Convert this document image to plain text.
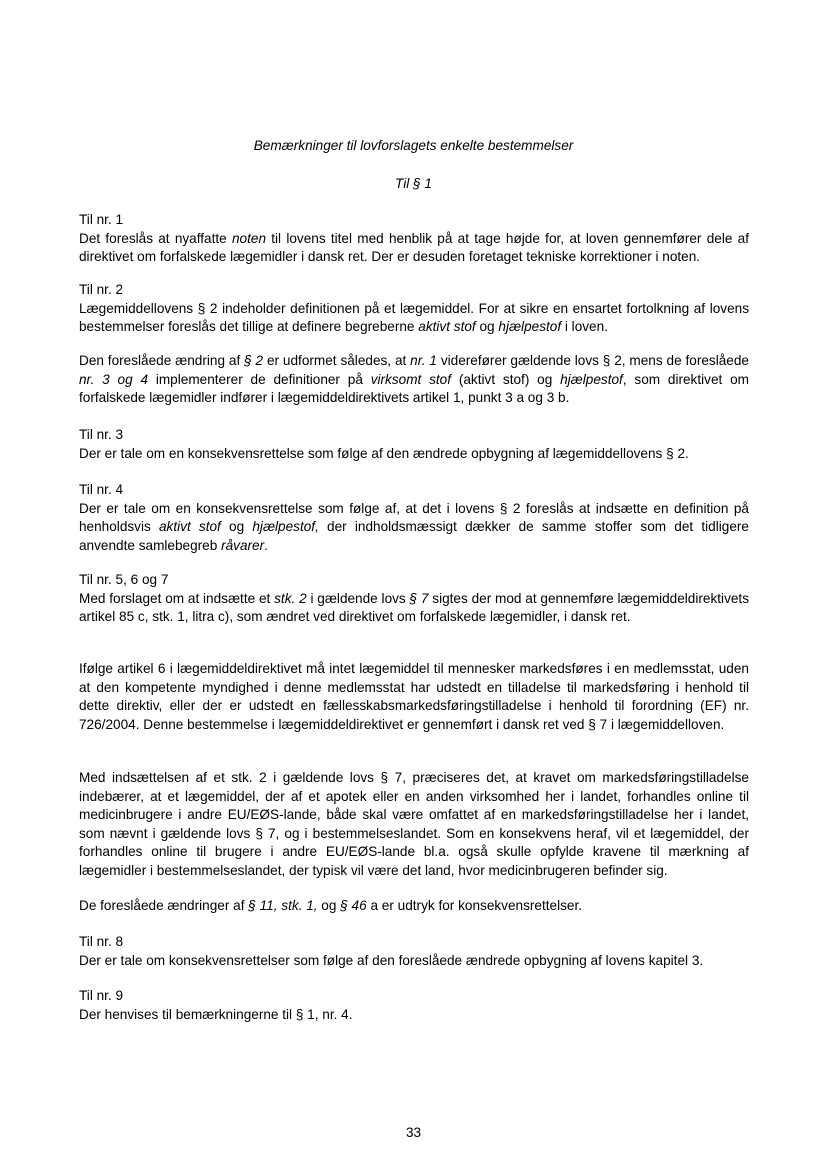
Bemærkninger til lovforslagets enkelte bestemmelser
Til § 1

Til nr. 1
Det foreslås at nyaffatte noten til lovens titel med henblik på at tage højde for, at loven gennemfører dele af direktivet om forfalskede lægemidler i dansk ret. Der er desuden foretaget tekniske korrektioner i noten.

Til nr. 2
Lægemiddellovens § 2 indeholder definitionen på et lægemiddel. For at sikre en ensartet fortolkning af lovens bestemmelser foreslås det tillige at definere begreberne aktivt stof og hjælpestof i loven.

Den foreslåede ændring af § 2 er udformet således, at nr. 1 viderefører gældende lovs § 2, mens de foreslåede nr. 3 og 4 implementerer de definitioner på virksomt stof (aktivt stof) og hjælpestof, som direktivet om forfalskede lægemidler indfører i lægemiddeldirektivets artikel 1, punkt 3 a og 3 b.

Til nr. 3
Der er tale om en konsekvensrettelse som følge af den ændrede opbygning af lægemiddellovens § 2.

Til nr. 4
Der er tale om en konsekvensrettelse som følge af, at det i lovens § 2 foreslås at indsætte en definition på henholdsvis aktivt stof og hjælpestof, der indholdsmæssigt dækker de samme stoffer som det tidligere anvendte samlebegreb råvarer.

Til nr. 5, 6 og 7
Med forslaget om at indsætte et stk. 2 i gældende lovs § 7 sigtes der mod at gennemføre lægemiddeldirektivets artikel 85 c, stk. 1, litra c), som ændret ved direktivet om forfalskede lægemidler, i dansk ret.

Ifølge artikel 6 i lægemiddeldirektivet må intet lægemiddel til mennesker markedsføres i en medlemsstat, uden at den kompetente myndighed i denne medlemsstat har udstedt en tilladelse til markedsføring i henhold til dette direktiv, eller der er udstedt en fællesskabsmarkedsføringstilladelse i henhold til forordning (EF) nr. 726/2004. Denne bestemmelse i lægemiddeldirektivet er gennemført i dansk ret ved § 7 i lægemiddelloven.

Med indsættelsen af et stk. 2 i gældende lovs § 7, præciseres det, at kravet om markedsføringstilladelse indebærer, at et lægemiddel, der af et apotek eller en anden virksomhed her i landet, forhandles online til medicinbrugere i andre EU/EØS-lande, både skal være omfattet af en markedsføringstilladelse her i landet, som nævnt i gældende lovs § 7, og i bestemmelseslandet. Som en konsekvens heraf, vil et lægemiddel, der forhandles online til brugere i andre EU/EØS-lande bl.a. også skulle opfylde kravene til mærkning af lægemidler i bestemmelseslandet, der typisk vil være det land, hvor medicinbrugeren befinder sig.

De foreslåede ændringer af § 11, stk. 1, og § 46 a er udtryk for konsekvensrettelser.

Til nr. 8
Der er tale om konsekvensrettelser som følge af den foreslåede ændrede opbygning af lovens kapitel 3.

Til nr. 9
Der henvises til bemærkningerne til § 1, nr. 4.

33
